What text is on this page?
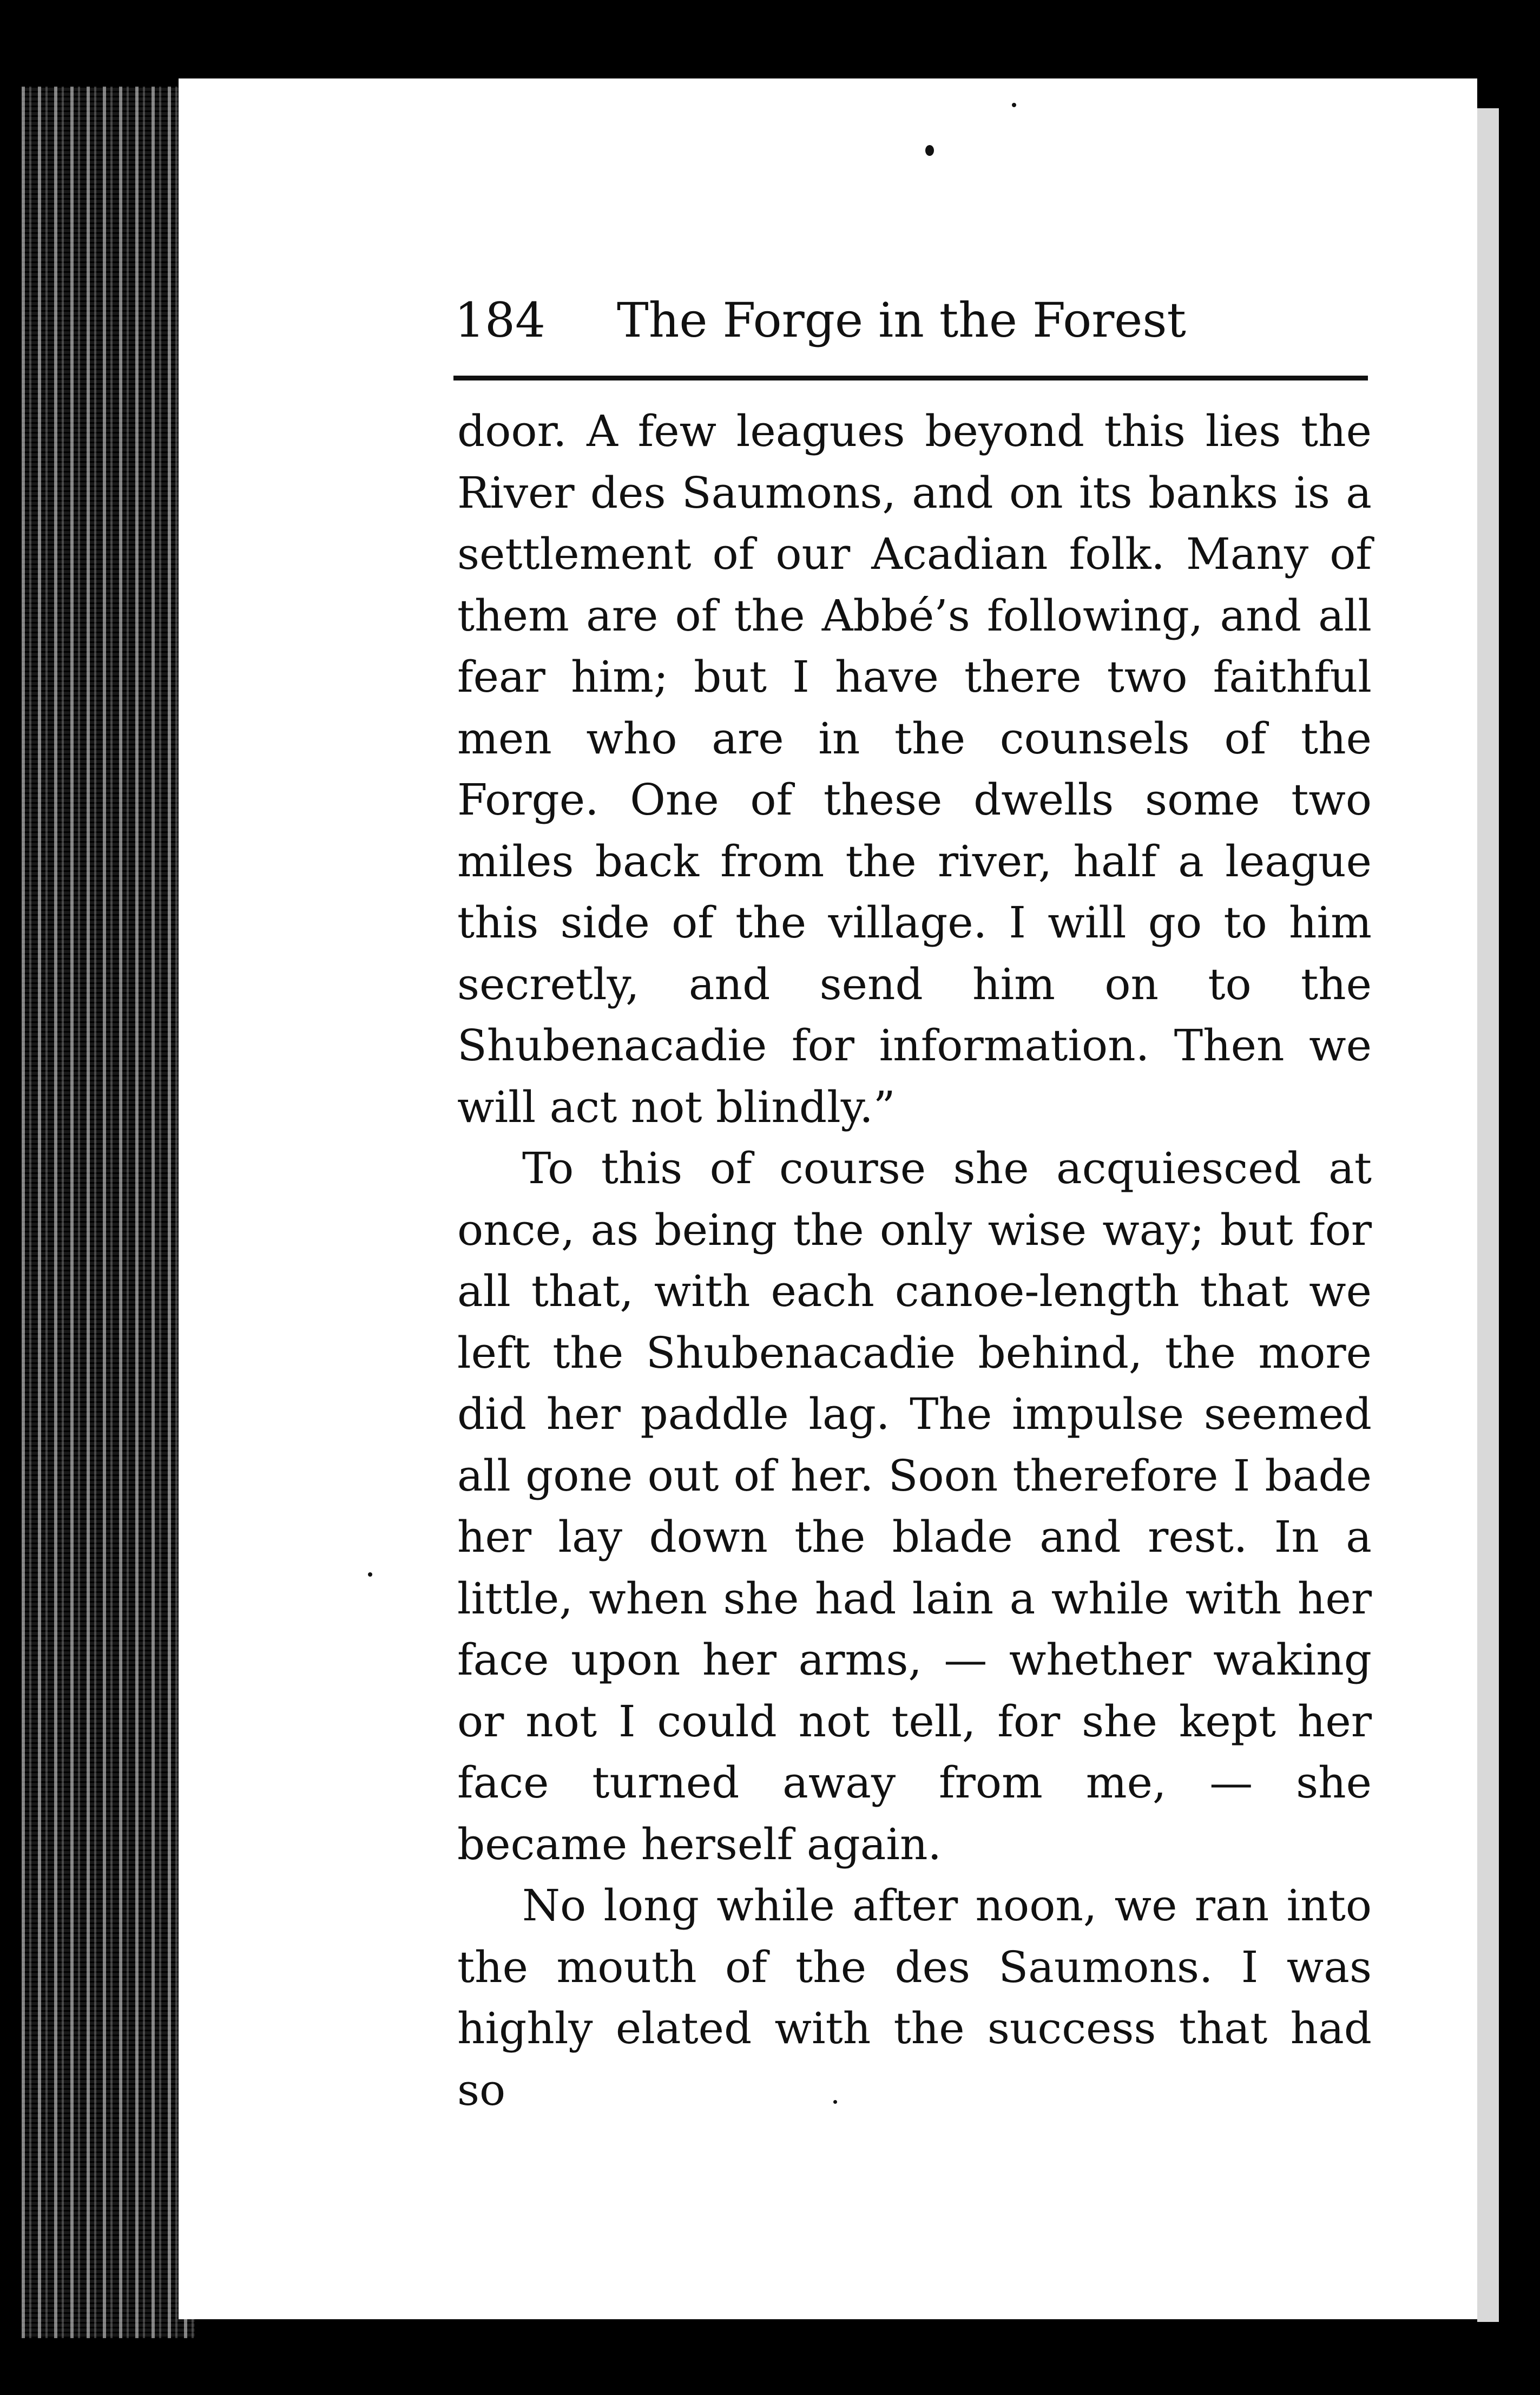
184 The Forge in the Forest

door. A few leagues beyond this lies the River des Saumons, and on its banks is a settlement of our Acadian folk. Many of them are of the Abbé’s following, and all fear him; but I have there two faithful men who are in the counsels of the Forge. One of these dwells some two miles back from the river, half a league this side of the village. I will go to him secretly, and send him on to the Shubenacadie for information. Then we will act not blindly.”

To this of course she acquiesced at once, as being the only wise way; but for all that, with each canoe-length that we left the Shubenacadie behind, the more did her paddle lag. The impulse seemed all gone out of her. Soon therefore I bade her lay down the blade and rest. In a little, when she had lain a while with her face upon her arms, — whether waking or not I could not tell, for she kept her face turned away from me, — she became herself again.

No long while after noon, we ran into the mouth of the des Saumons. I was highly elated with the success that had so
